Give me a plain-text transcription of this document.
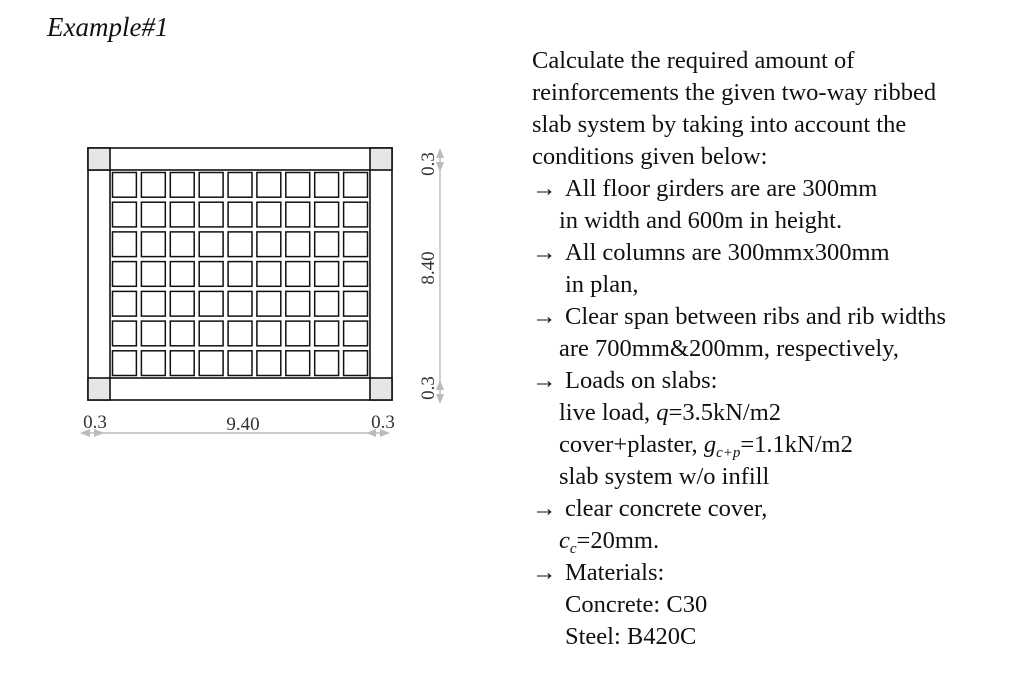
Example#1
0.3	9.40	0.3
0.3
8.40
0.3
Calculate the required amount of
reinforcements the given two-way ribbed
slab system by taking into account the
conditions given below:
→ All floor girders are are 300mm
in width and 600m in height.
→ All columns are 300mmx300mm
in plan,
→ Clear span between ribs and rib widths
are 700mm&200mm, respectively,
→ Loads on slabs:
live load, q=3.5kN/m2
cover+plaster, $g_{c+p}=1.1kN/m2$
slab system w/o infill
→ clear concrete cover,
$c_c=20mm$.
→ Materials:
Concrete: C30
Steel: B420C
